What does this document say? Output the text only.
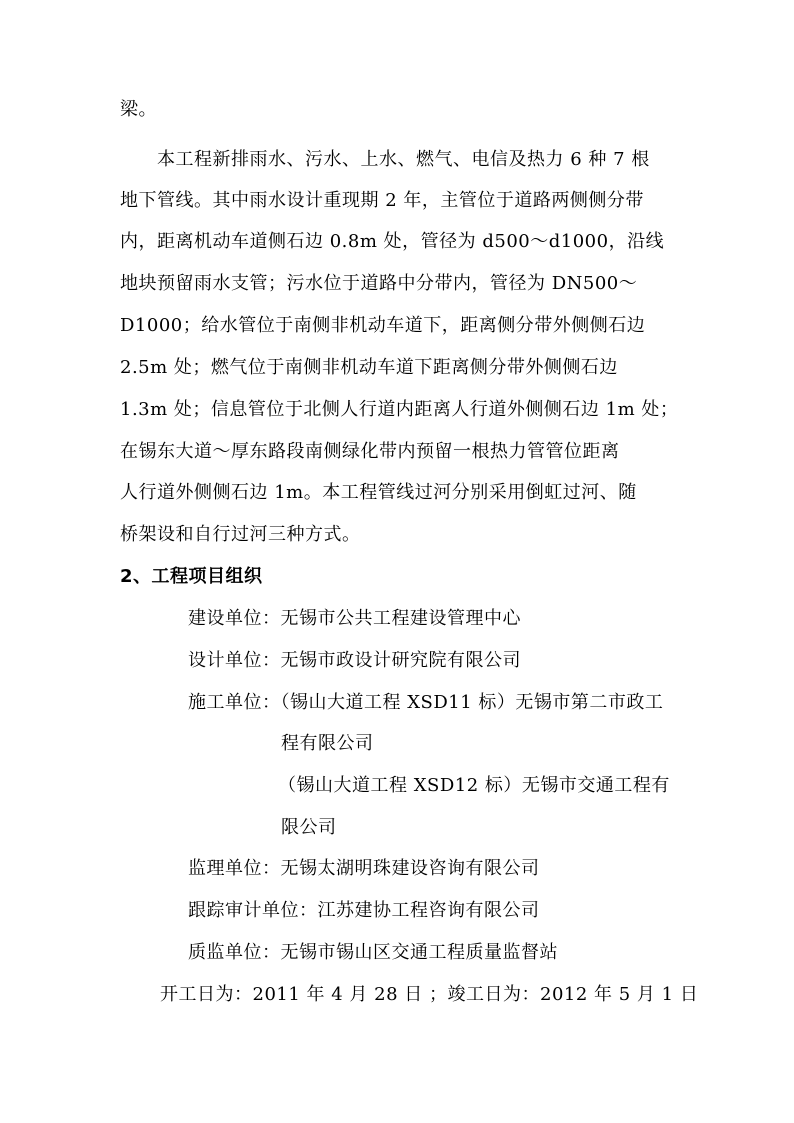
梁。
本工程新排雨水、污水、上水、燃气、电信及热力 6 种 7 根
地下管线。其中雨水设计重现期 2 年，主管位于道路两侧侧分带
内，距离机动车道侧石边 0.8m 处，管径为 d500～d1000，沿线
地块预留雨水支管；污水位于道路中分带内，管径为 DN500～
D1000；给水管位于南侧非机动车道下，距离侧分带外侧侧石边
2.5m 处；燃气位于南侧非机动车道下距离侧分带外侧侧石边
1.3m 处；信息管位于北侧人行道内距离人行道外侧侧石边 1m 处；
在锡东大道～厚东路段南侧绿化带内预留一根热力管管位距离
人行道外侧侧石边 1m。本工程管线过河分别采用倒虹过河、随
桥架设和自行过河三种方式。
2、工程项目组织
建设单位：无锡市公共工程建设管理中心
设计单位：无锡市政设计研究院有限公司
施工单位：（锡山大道工程 XSD11 标）无锡市第二市政工
程有限公司
（锡山大道工程 XSD12 标）无锡市交通工程有
限公司
监理单位：无锡太湖明珠建设咨询有限公司
跟踪审计单位：江苏建协工程咨询有限公司
质监单位：无锡市锡山区交通工程质量监督站
开工日为：2011 年 4 月 28 日 ；竣工日为：2012 年 5 月 1 日
